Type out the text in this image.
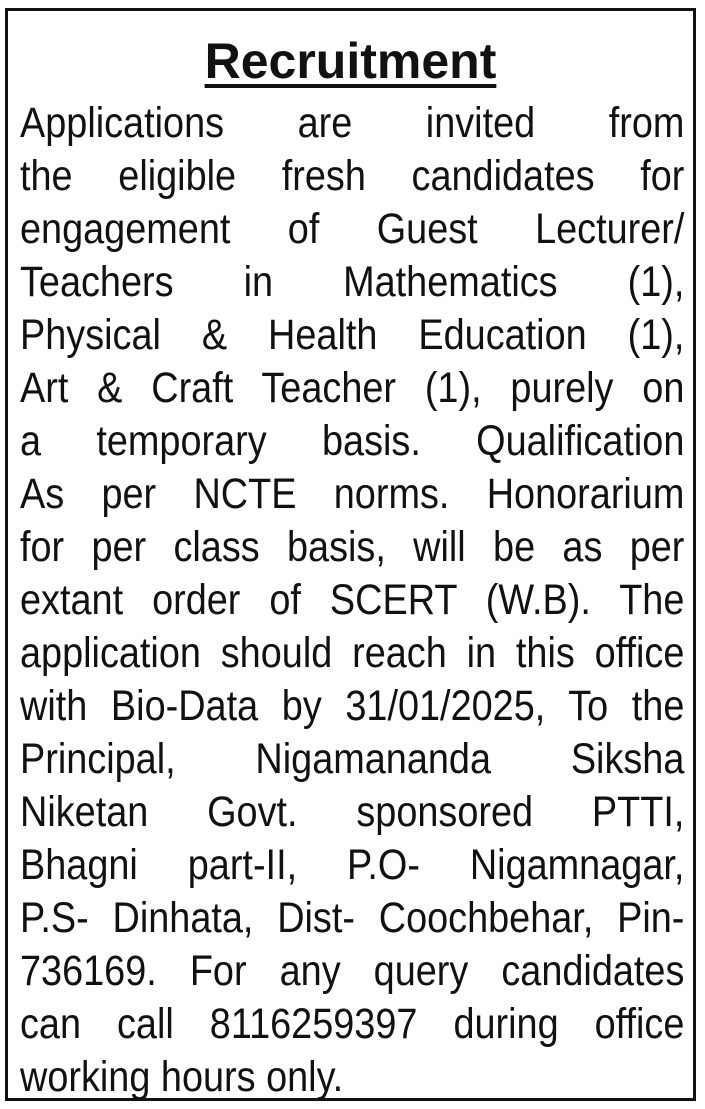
Recruitment
Applications are invited from
the eligible fresh candidates for
engagement of Guest Lecturer/
Teachers in Mathematics (1),
Physical & Health Education (1),
Art & Craft Teacher (1), purely on
a temporary basis. Qualification
As per NCTE norms. Honorarium
for per class basis, will be as per
extant order of SCERT (W.B). The
application should reach in this office
with Bio-Data by 31/01/2025, To the
Principal, Nigamananda Siksha
Niketan Govt. sponsored PTTI,
Bhagni part-II, P.O- Nigamnagar,
P.S- Dinhata, Dist- Coochbehar, Pin-
736169. For any query candidates
can call 8116259397 during office
working hours only.
